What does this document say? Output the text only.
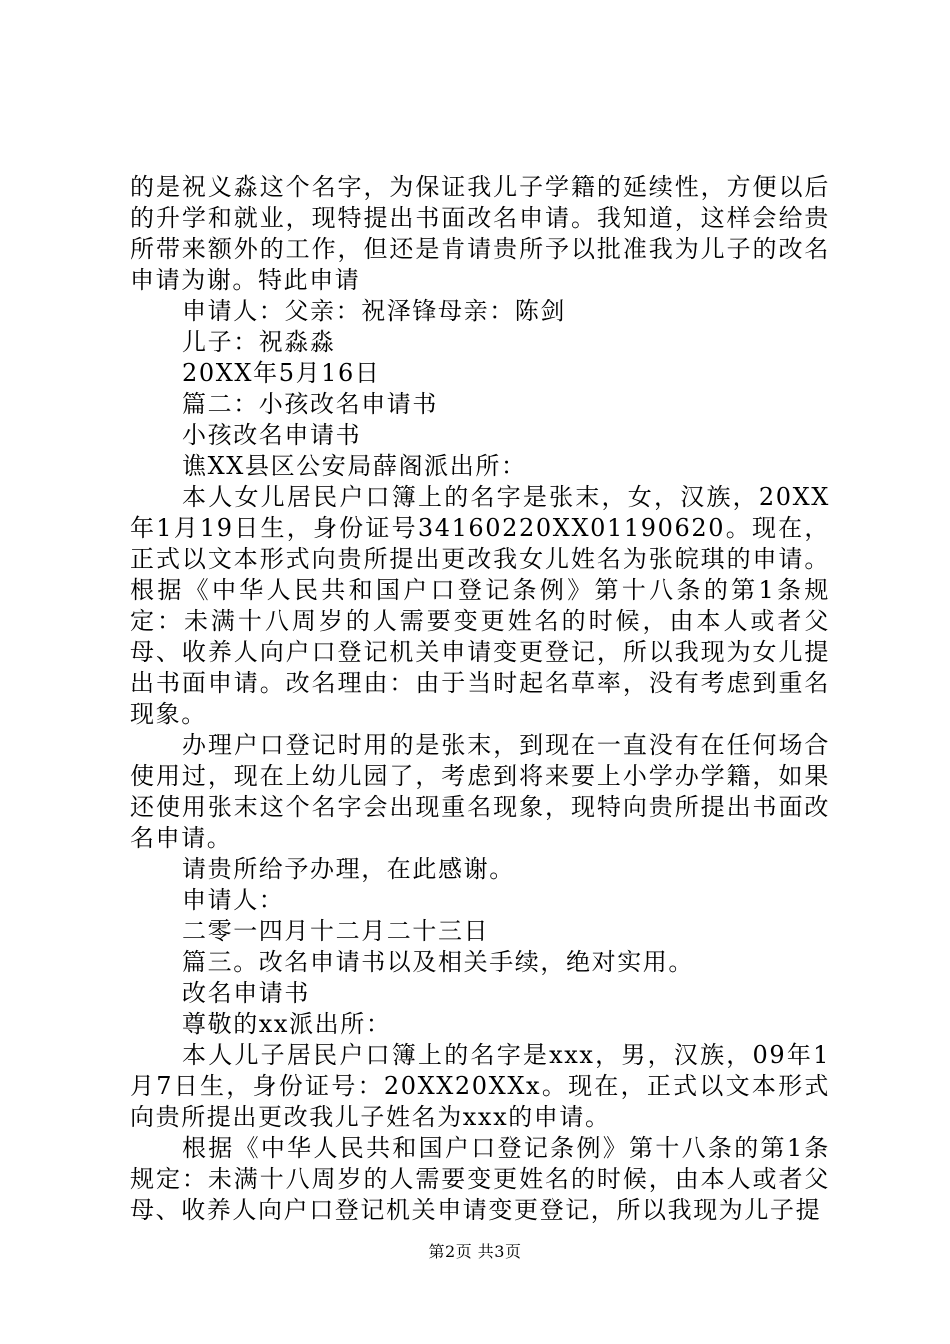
的是祝义淼这个名字，为保证我儿子学籍的延续性，方便以后的升学和就业，现特提出书面改名申请。我知道，这样会给贵所带来额外的工作，但还是肯请贵所予以批准我为儿子的改名申请为谢。特此申请

申请人：父亲：祝泽锋母亲：陈剑

儿子：祝淼淼

20XX年5月16日

篇二：小孩改名申请书

小孩改名申请书

谯XX县区公安局薛阁派出所：

本人女儿居民户口簿上的名字是张末，女，汉族，20XX年1月19日生，身份证号34160220XX01190620。现在，正式以文本形式向贵所提出更改我女儿姓名为张皖琪的申请。根据《中华人民共和国户口登记条例》第十八条的第1条规定：未满十八周岁的人需要变更姓名的时候，由本人或者父母、收养人向户口登记机关申请变更登记，所以我现为女儿提出书面申请。改名理由：由于当时起名草率，没有考虑到重名现象。

办理户口登记时用的是张末，到现在一直没有在任何场合使用过，现在上幼儿园了，考虑到将来要上小学办学籍，如果还使用张末这个名字会出现重名现象，现特向贵所提出书面改名申请。

请贵所给予办理，在此感谢。

申请人：

二零一四月十二月二十三日

篇三。改名申请书以及相关手续，绝对实用。

改名申请书

尊敬的xx派出所：

本人儿子居民户口簿上的名字是xxx，男，汉族，09年1月7日生，身份证号：20XX20XXx。现在，正式以文本形式向贵所提出更改我儿子姓名为xxx的申请。

根据《中华人民共和国户口登记条例》第十八条的第1条规定：未满十八周岁的人需要变更姓名的时候，由本人或者父母、收养人向户口登记机关申请变更登记，所以我现为儿子提

第2页 共3页
